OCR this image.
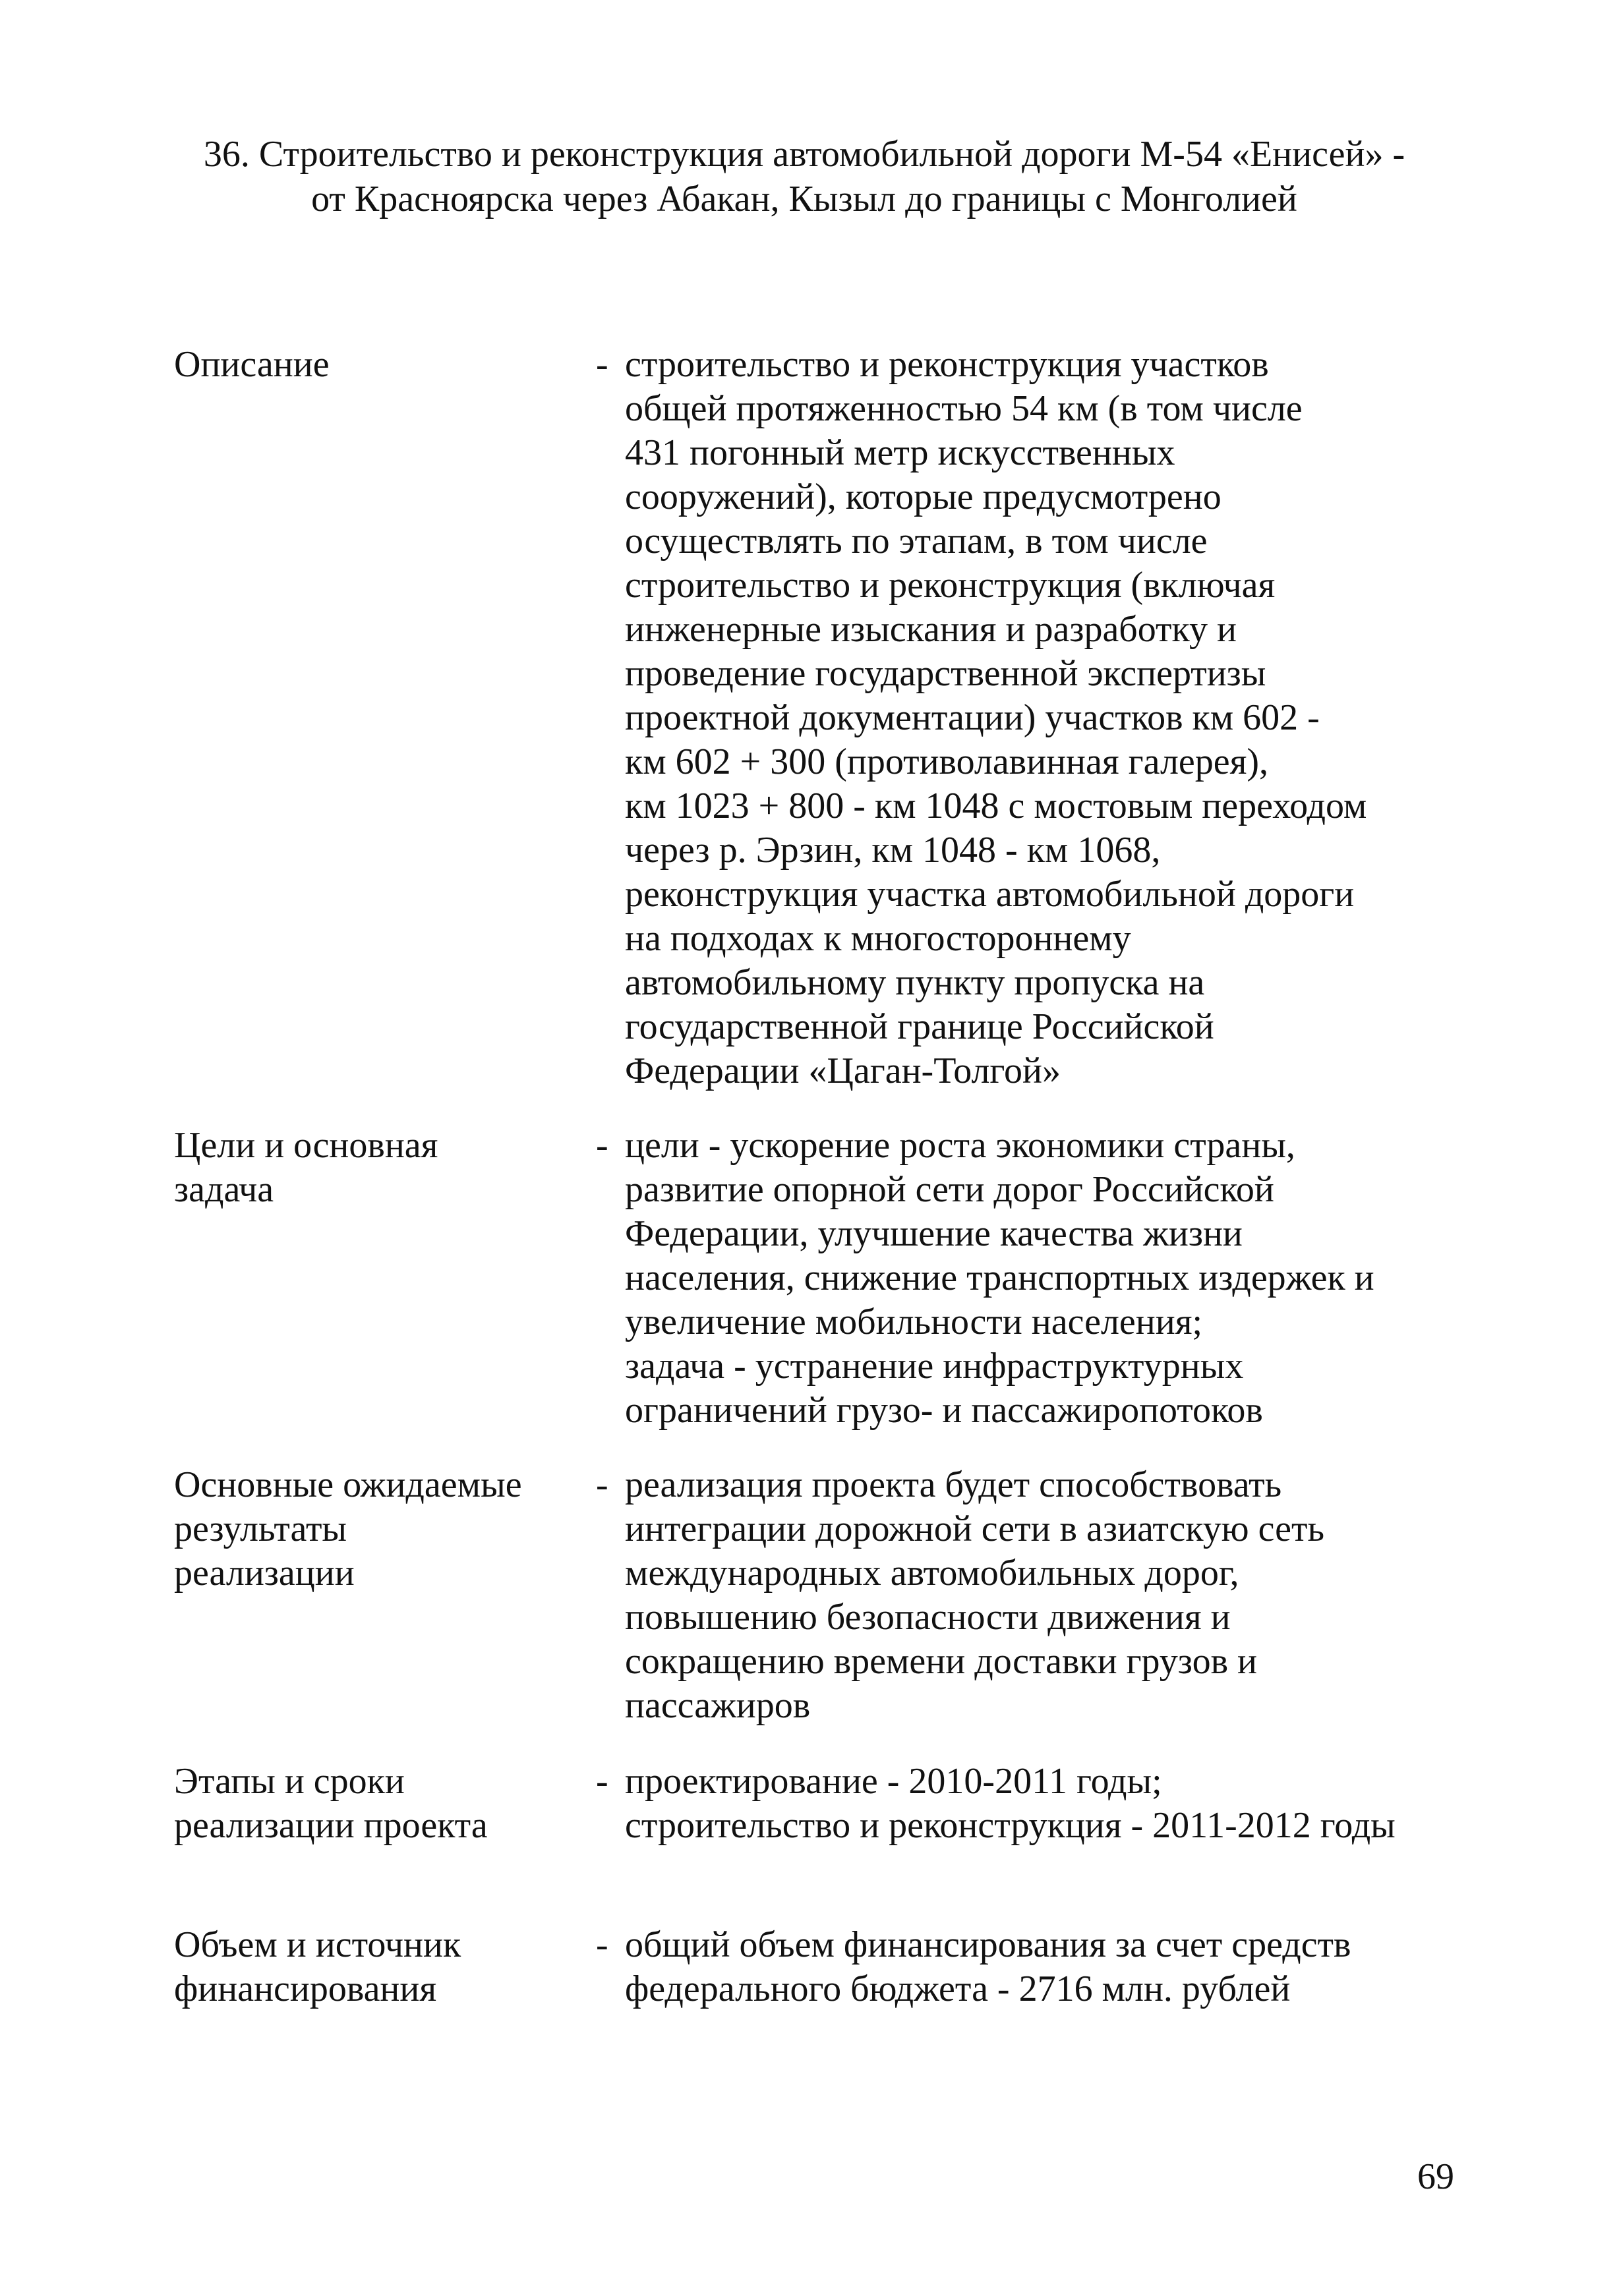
36. Строительство и реконструкция автомобильной дороги М-54 «Енисей» -
от Красноярска через Абакан, Кызыл до границы с Монголией
Описание	- строительство и реконструкция участков
общей протяженностью 54 км (в том числе
431 погонный метр искусственных
сооружений), которые предусмотрено
осуществлять по этапам, в том числе
строительство и реконструкция (включая
инженерные изыскания и разработку и
проведение государственной экспертизы
проектной документации) участков км 602 -
км 602 + 300 (противолавинная галерея),
км 1023 + 800 - км 1048 с мостовым переходом
через р. Эрзин, км 1048 - км 1068,
реконструкция участка автомобильной дороги
на подходах к многостороннему
автомобильному пункту пропуска на
государственной границе Российской
Федерации «Цаган-Толгой»
Цели и основная
задача
- цели - ускорение роста экономики страны,
развитие опорной сети дорог Российской
Федерации, улучшение качества жизни
населения, снижение транспортных издержек и
увеличение мобильности населения;
задача - устранение инфраструктурных
ограничений грузо- и пассажиропотоков
Основные ожидаемые
результаты
реализации
- реализация проекта будет способствовать
интеграции дорожной сети в азиатскую сеть
международных автомобильных дорог,
повышению безопасности движения и
сокращению времени доставки грузов и
пассажиров
Этапы и сроки
реализации проекта
- проектирование - 2010-2011 годы;
строительство и реконструкция - 2011-2012 годы
Объем и источник
финансирования
- общий объем финансирования за счет средств
федерального бюджета - 2716 млн. рублей
69
